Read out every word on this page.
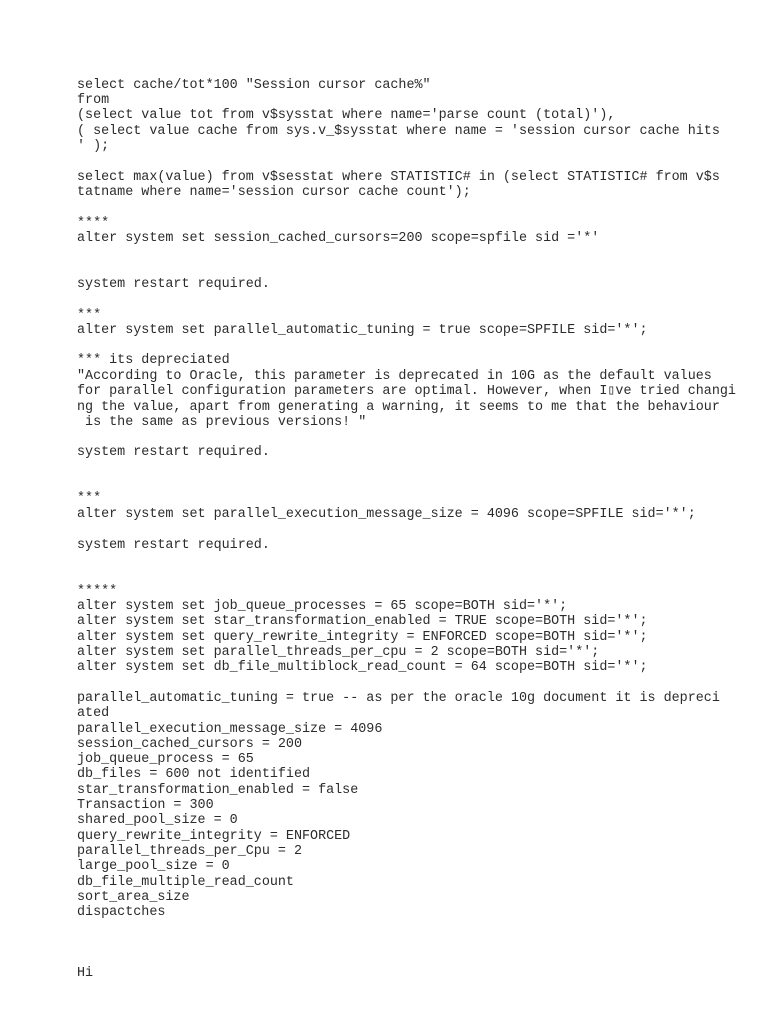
select cache/tot*100 "Session cursor cache%"

from

(select value tot from v$sysstat where name='parse count (total)'),

( select value cache from sys.v_$sysstat where name = 'session cursor cache hits

' );

select max(value) from v$sesstat where STATISTIC# in (select STATISTIC# from v$s

tatname where name='session cursor cache count');

****

alter system set session_cached_cursors=200 scope=spfile sid ='*'

system restart required.

***

alter system set parallel_automatic_tuning = true scope=SPFILE sid='*';

*** its depreciated

"According to Oracle, this parameter is deprecated in 10G as the default values

for parallel configuration parameters are optimal. However, when I▯ve tried changi

ng the value, apart from generating a warning, it seems to me that the behaviour

is the same as previous versions! "

system restart required.

***

alter system set parallel_execution_message_size = 4096 scope=SPFILE sid='*';

system restart required.

*****

alter system set job_queue_processes = 65 scope=BOTH sid='*';

alter system set star_transformation_enabled = TRUE scope=BOTH sid='*';

alter system set query_rewrite_integrity = ENFORCED scope=BOTH sid='*';

alter system set parallel_threads_per_cpu = 2 scope=BOTH sid='*';

alter system set db_file_multiblock_read_count = 64 scope=BOTH sid='*';

parallel_automatic_tuning = true -- as per the oracle 10g document it is depreci

ated

parallel_execution_message_size = 4096

session_cached_cursors = 200

job_queue_process = 65

db_files = 600 not identified

star_transformation_enabled = false

Transaction = 300

shared_pool_size = 0

query_rewrite_integrity = ENFORCED

parallel_threads_per_Cpu = 2

large_pool_size = 0

db_file_multiple_read_count

sort_area_size

dispactches

Hi
